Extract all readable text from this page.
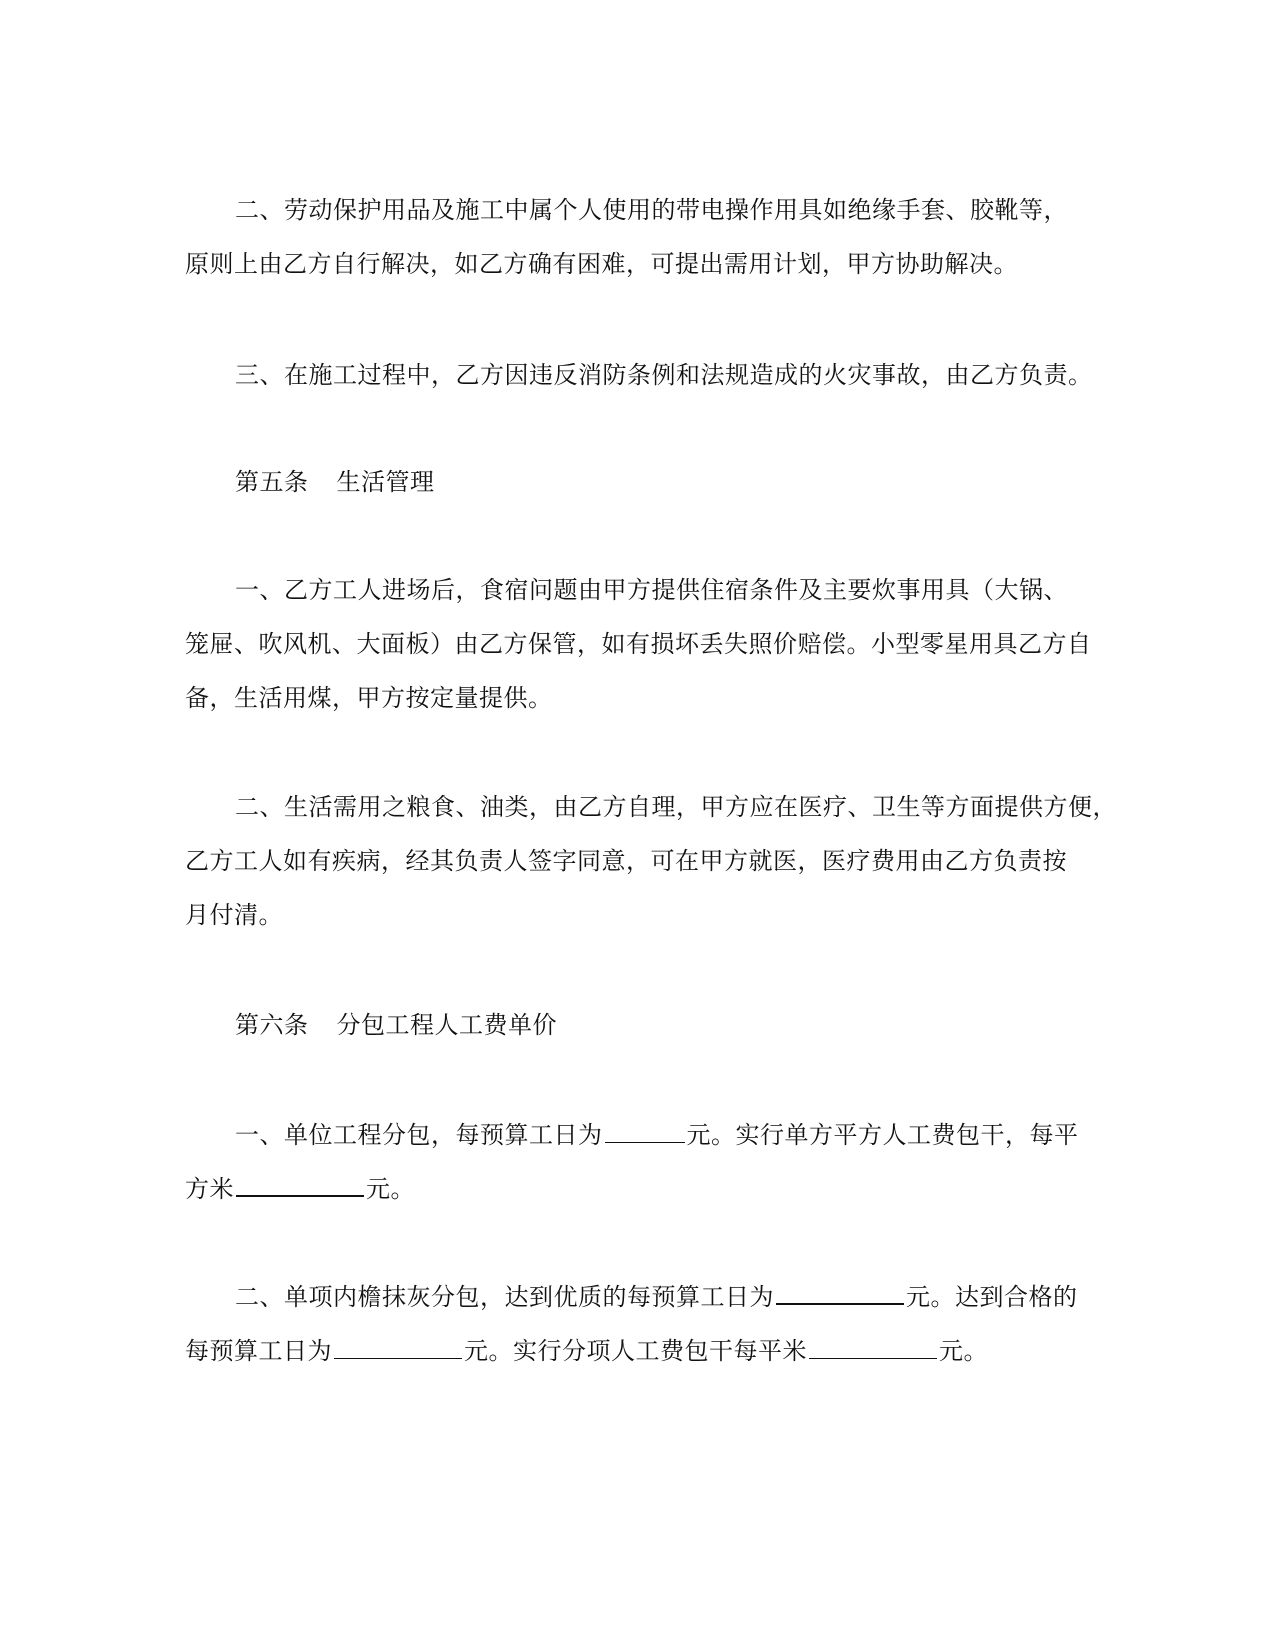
二、劳动保护用品及施工中属个人使用的带电操作用具如绝缘手套、胶靴等，
原则上由乙方自行解决，如乙方确有困难，可提出需用计划，甲方协助解决。
三、在施工过程中，乙方因违反消防条例和法规造成的火灾事故，由乙方负责。
第五条 生活管理
一、乙方工人进场后，食宿问题由甲方提供住宿条件及主要炊事用具（大锅、
笼屉、吹风机、大面板）由乙方保管，如有损坏丢失照价赔偿。小型零星用具乙方自
备，生活用煤，甲方按定量提供。
二、生活需用之粮食、油类，由乙方自理，甲方应在医疗、卫生等方面提供方便，
乙方工人如有疾病，经其负责人签字同意，可在甲方就医，医疗费用由乙方负责按
月付清。
第六条 分包工程人工费单价
一、单位工程分包，每预算工日为	元。实行单方平方人工费包干，每平
方米	元。
二、单项内檐抹灰分包，达到优质的每预算工日为	元。达到合格的
每预算工日为	元。实行分项人工费包干每平米	元。
